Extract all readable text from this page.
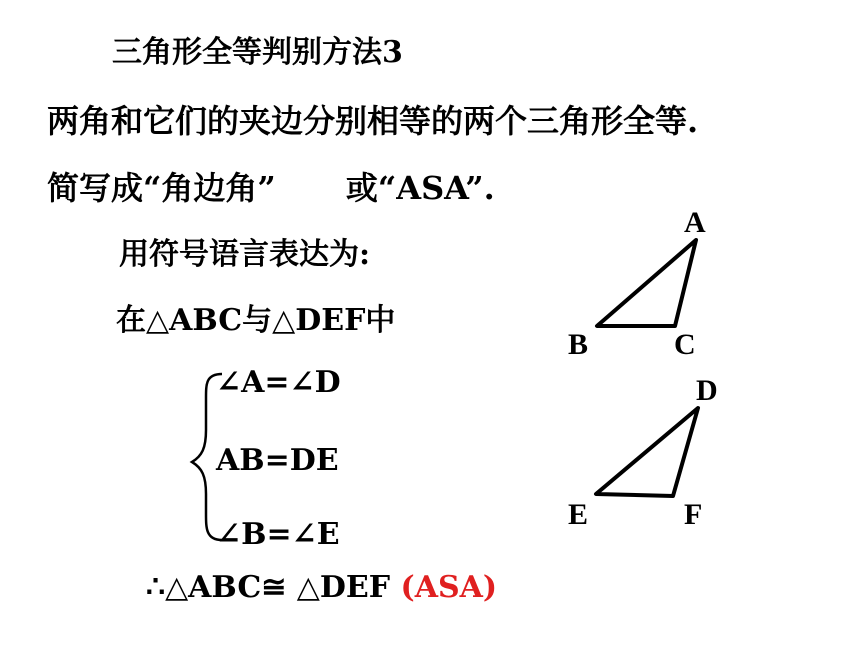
三角形全等判别方法3
两角和它们的夹边分别相等的两个三角形全等.
简写成“角边角” 或“ASA”.
用符号语言表达为:
在△ABC与△DEF中
∠A=∠D
AB=DE
∠B=∠E
∴△ABC≅ △DEF (ASA)
A
B	C
D
E	F
